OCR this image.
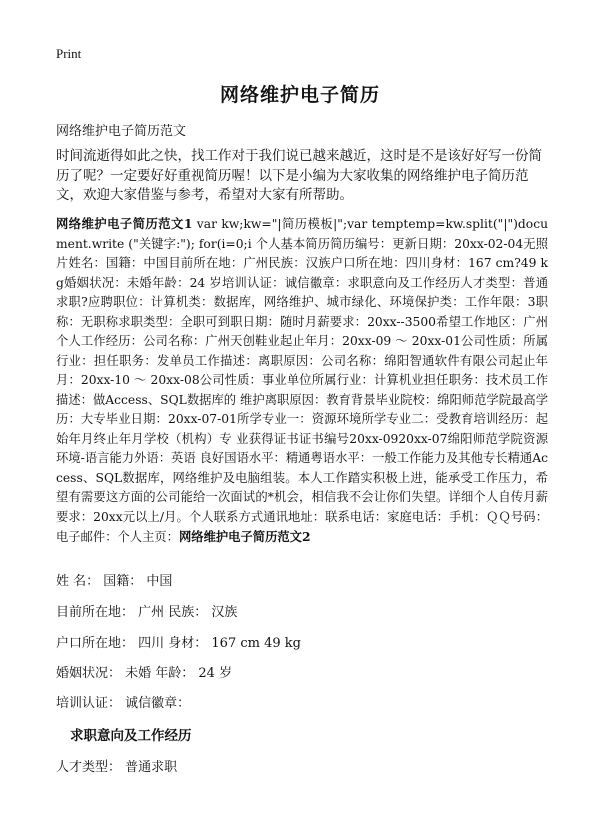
Print
网络维护电子简历
网络维护电子简历范文
时间流逝得如此之快，找工作对于我们说已越来越近，这时是不是该好好写一份简历了呢？一定要好好重视简历喔！以下是小编为大家收集的网络维护电子简历范文，欢迎大家借鉴与参考，希望对大家有所帮助。
网络维护电子简历范文1 var kw;kw="|简历模板|";var temptemp=kw.split("|")document.write ("关键字:"); for(i=0;i 个人基本简历简历编号：更新日期：20xx-02-04无照片姓名：国籍：中国目前所在地：广州民族：汉族户口所在地：四川身材：167 cm?49 kg婚姻状况：未婚年龄：24 岁培训认证：诚信徽章：求职意向及工作经历人才类型：普通求职?应聘职位：计算机类：数据库，网络维护、城市绿化、环境保护类：工作年限：3职称：无职称求职类型：全职可到职日期：随时月薪要求：20xx--3500希望工作地区：广州个人工作经历：公司名称：广州天创鞋业起止年月：20xx-09 ～ 20xx-01公司性质：所属行业：担任职务：发单员工作描述：离职原因：公司名称：绵阳智通软件有限公司起止年月：20xx-10 ～ 20xx-08公司性质：事业单位所属行业：计算机业担任职务：技术员工作描述：做Access、SQL数据库的 维护离职原因：教育背景毕业院校：绵阳师范学院最高学历：大专毕业日期：20xx-07-01所学专业一：资源环境所学专业二：受教育培训经历：起始年月终止年月学校（机构）专 业获得证书证书编号20xx-0920xx-07绵阳师范学院资源环境-语言能力外语：英语 良好国语水平：精通粤语水平：一般工作能力及其他专长精通Access、SQL数据库，网络维护及电脑组装。本人工作踏实积极上进，能承受工作压力，希望有需要这方面的公司能给一次面试的*机会，相信我不会让你们失望。详细个人自传月薪要求：20xx元以上/月。个人联系方式通讯地址：联系电话：家庭电话：手机：ＱＱ号码：电子邮件：个人主页：网络维护电子简历范文2
姓 名： 国籍： 中国
目前所在地： 广州 民族： 汉族
户口所在地： 四川 身材： 167 cm 49 kg
婚姻状况： 未婚 年龄： 24 岁
培训认证： 诚信徽章：
求职意向及工作经历
人才类型： 普通求职
